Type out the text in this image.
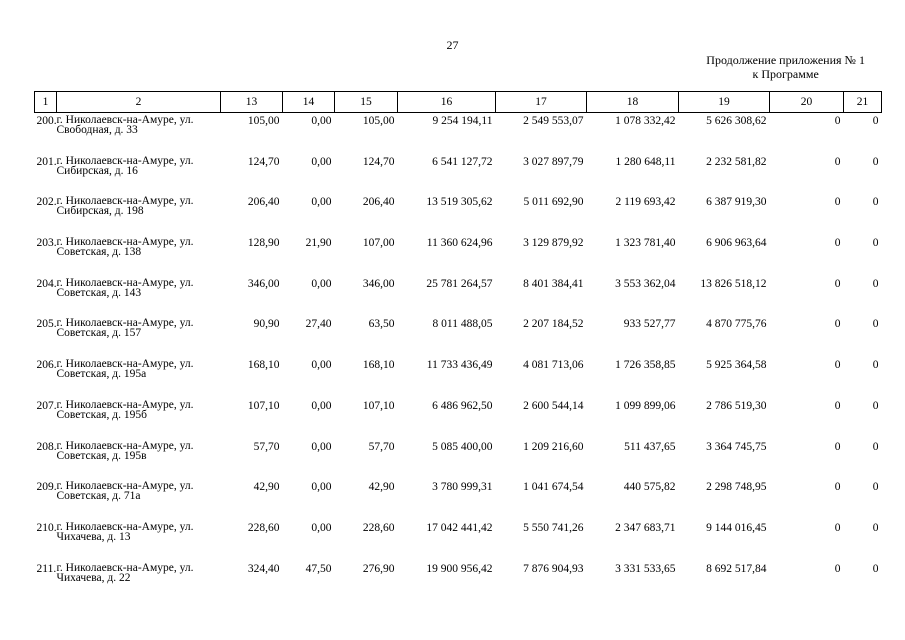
27
Продолжение приложения № 1
к Программе
1	2	13	14	15	16	17	18	19	20	21
200.	г. Николаевск-на-Амуре, ул. Свободная, д. 33	105,00	0,00	105,00	9 254 194,11	2 549 553,07	1 078 332,42	5 626 308,62	0	0
201.	г. Николаевск-на-Амуре, ул. Сибирская, д. 16	124,70	0,00	124,70	6 541 127,72	3 027 897,79	1 280 648,11	2 232 581,82	0	0
202.	г. Николаевск-на-Амуре, ул. Сибирская, д. 198	206,40	0,00	206,40	13 519 305,62	5 011 692,90	2 119 693,42	6 387 919,30	0	0
203.	г. Николаевск-на-Амуре, ул. Советская, д. 138	128,90	21,90	107,00	11 360 624,96	3 129 879,92	1 323 781,40	6 906 963,64	0	0
204.	г. Николаевск-на-Амуре, ул. Советская, д. 143	346,00	0,00	346,00	25 781 264,57	8 401 384,41	3 553 362,04	13 826 518,12	0	0
205.	г. Николаевск-на-Амуре, ул. Советская, д. 157	90,90	27,40	63,50	8 011 488,05	2 207 184,52	933 527,77	4 870 775,76	0	0
206.	г. Николаевск-на-Амуре, ул. Советская, д. 195а	168,10	0,00	168,10	11 733 436,49	4 081 713,06	1 726 358,85	5 925 364,58	0	0
207.	г. Николаевск-на-Амуре, ул. Советская, д. 195б	107,10	0,00	107,10	6 486 962,50	2 600 544,14	1 099 899,06	2 786 519,30	0	0
208.	г. Николаевск-на-Амуре, ул. Советская, д. 195в	57,70	0,00	57,70	5 085 400,00	1 209 216,60	511 437,65	3 364 745,75	0	0
209.	г. Николаевск-на-Амуре, ул. Советская, д. 71а	42,90	0,00	42,90	3 780 999,31	1 041 674,54	440 575,82	2 298 748,95	0	0
210.	г. Николаевск-на-Амуре, ул. Чихачева, д. 13	228,60	0,00	228,60	17 042 441,42	5 550 741,26	2 347 683,71	9 144 016,45	0	0
211.	г. Николаевск-на-Амуре, ул. Чихачева, д. 22	324,40	47,50	276,90	19 900 956,42	7 876 904,93	3 331 533,65	8 692 517,84	0	0
